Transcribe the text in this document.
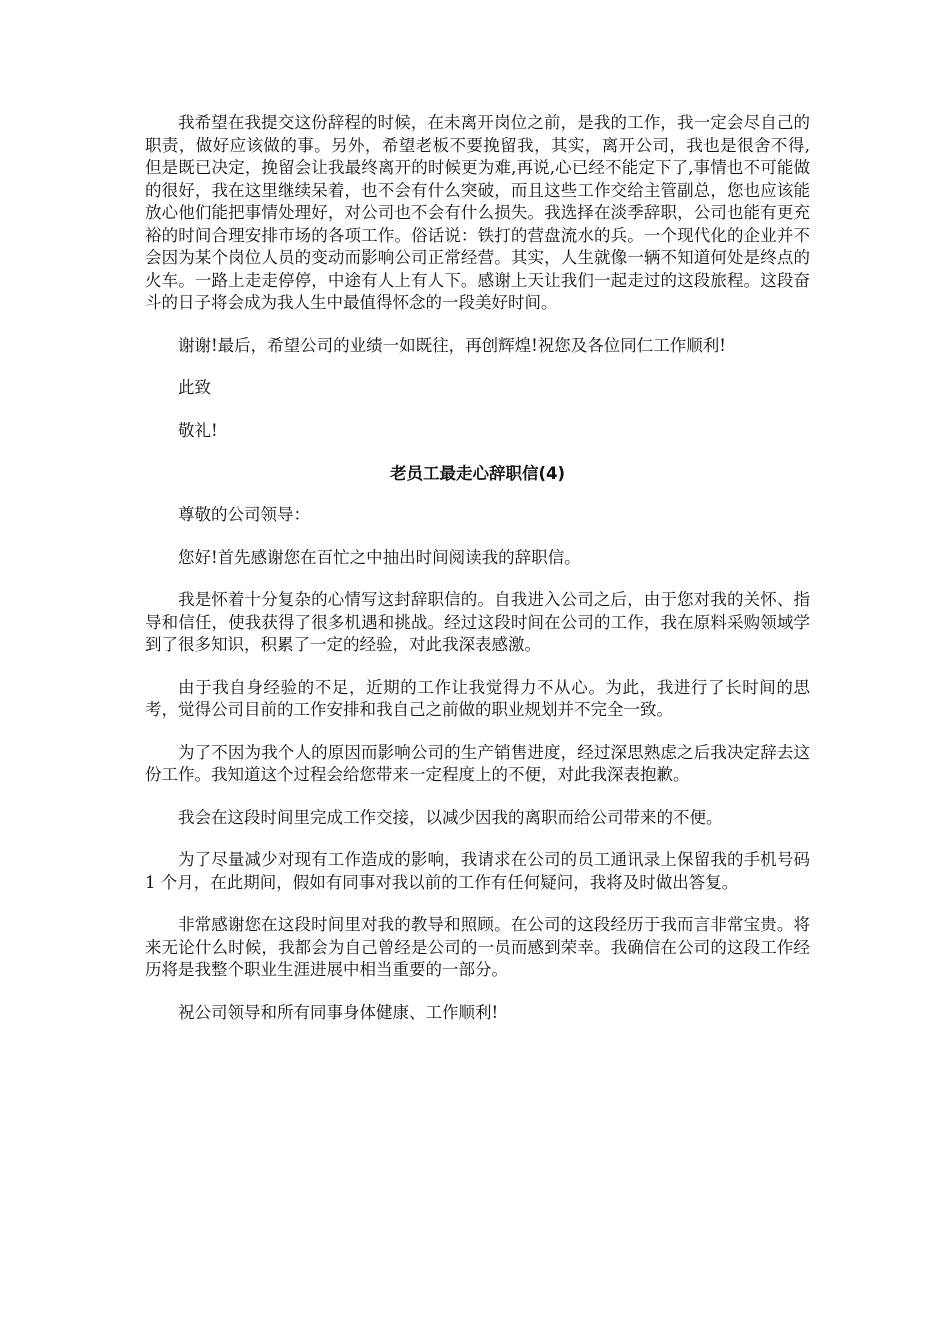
我希望在我提交这份辞程的时候，在未离开岗位之前，是我的工作，我一定会尽自己的职责，做好应该做的事。另外，希望老板不要挽留我，其实，离开公司，我也是很舍不得,但是既已决定，挽留会让我最终离开的时候更为难,再说,心已经不能定下了,事情也不可能做的很好，我在这里继续呆着，也不会有什么突破，而且这些工作交给主管副总，您也应该能放心他们能把事情处理好，对公司也不会有什么损失。我选择在淡季辞职，公司也能有更充裕的时间合理安排市场的各项工作。俗话说：铁打的营盘流水的兵。一个现代化的企业并不会因为某个岗位人员的变动而影响公司正常经营。其实，人生就像一辆不知道何处是终点的火车。一路上走走停停，中途有人上有人下。感谢上天让我们一起走过的这段旅程。这段奋斗的日子将会成为我人生中最值得怀念的一段美好时间。

谢谢!最后，希望公司的业绩一如既往，再创辉煌!祝您及各位同仁工作顺利!

此致

敬礼!

老员工最走心辞职信(4)

尊敬的公司领导：

您好!首先感谢您在百忙之中抽出时间阅读我的辞职信。

我是怀着十分复杂的心情写这封辞职信的。自我进入公司之后，由于您对我的关怀、指导和信任，使我获得了很多机遇和挑战。经过这段时间在公司的工作，我在原料采购领域学到了很多知识，积累了一定的经验，对此我深表感激。

由于我自身经验的不足，近期的工作让我觉得力不从心。为此，我进行了长时间的思考，觉得公司目前的工作安排和我自己之前做的职业规划并不完全一致。

为了不因为我个人的原因而影响公司的生产销售进度，经过深思熟虑之后我决定辞去这份工作。我知道这个过程会给您带来一定程度上的不便，对此我深表抱歉。

我会在这段时间里完成工作交接，以减少因我的离职而给公司带来的不便。

为了尽量减少对现有工作造成的影响，我请求在公司的员工通讯录上保留我的手机号码 1 个月，在此期间，假如有同事对我以前的工作有任何疑问，我将及时做出答复。

非常感谢您在这段时间里对我的教导和照顾。在公司的这段经历于我而言非常宝贵。将来无论什么时候，我都会为自己曾经是公司的一员而感到荣幸。我确信在公司的这段工作经历将是我整个职业生涯进展中相当重要的一部分。

祝公司领导和所有同事身体健康、工作顺利!
